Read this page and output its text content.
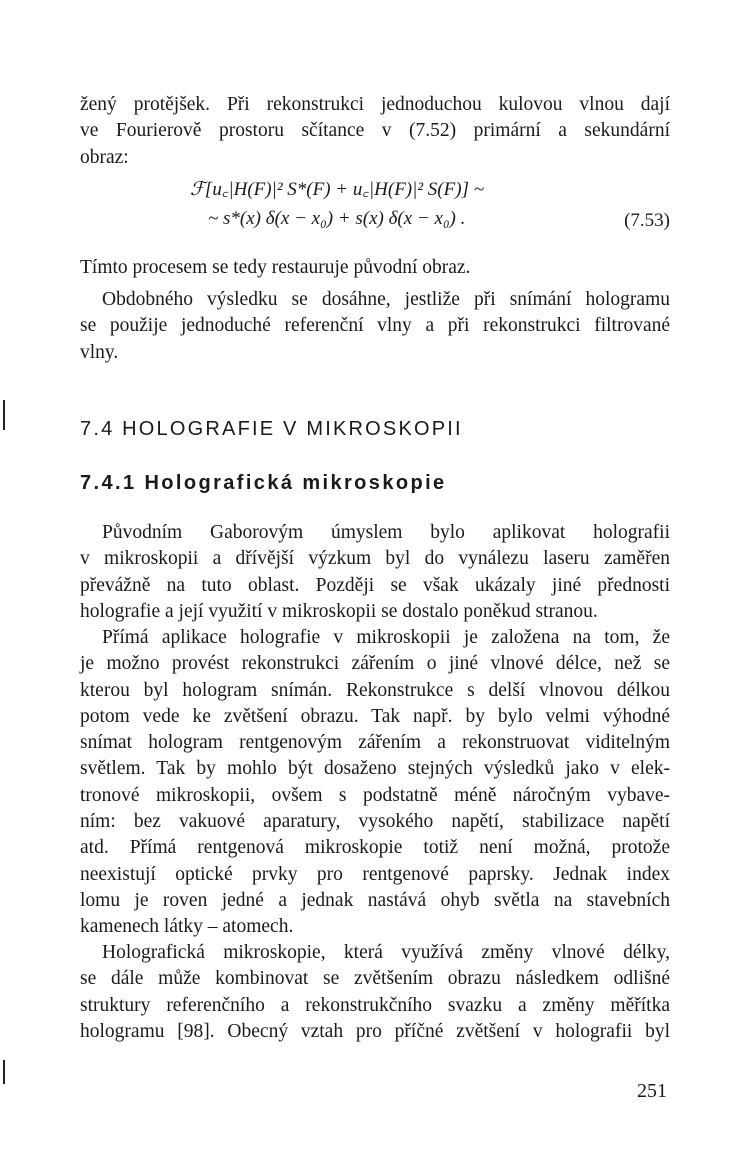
žený protějšek. Při rekonstrukci jednoduchou kulovou vlnou dají
ve Fourierově prostoru sčítance v (7.52) primární a sekundární
obraz:

ℱ[u꜀|H(F)|² S*(F) + u꜀|H(F)|² S(F)] ~
~ s*(x) δ(x − x₀) + s(x) δ(x − x₀) .	(7.53)

Tímto procesem se tedy restauruje původní obraz.

Obdobného výsledku se dosáhne, jestliže při snímání hologramu
se použije jednoduché referenční vlny a při rekonstrukci filtrované
vlny.

7.4 HOLOGRAFIE V MIKROSKOPII
7.4.1 Holografická mikroskopie

Původním Gaborovým úmyslem bylo aplikovat holografii
v mikroskopii a dřívější výzkum byl do vynálezu laseru zaměřen
převážně na tuto oblast. Později se však ukázaly jiné přednosti
holografie a její využití v mikroskopii se dostalo poněkud stranou.

Přímá aplikace holografie v mikroskopii je založena na tom, že
je možno provést rekonstrukci zářením o jiné vlnové délce, než se
kterou byl hologram snímán. Rekonstrukce s delší vlnovou délkou
potom vede ke zvětšení obrazu. Tak např. by bylo velmi výhodné
snímat hologram rentgenovým zářením a rekonstruovat viditelným
světlem. Tak by mohlo být dosaženo stejných výsledků jako v elek-
tronové mikroskopii, ovšem s podstatně méně náročným vybave-
ním: bez vakuové aparatury, vysokého napětí, stabilizace napětí
atd. Přímá rentgenová mikroskopie totiž není možná, protože
neexistují optické prvky pro rentgenové paprsky. Jednak index
lomu je roven jedné a jednak nastává ohyb světla na stavebních
kamenech látky – atomech.

Holografická mikroskopie, která využívá změny vlnové délky,
se dále může kombinovat se zvětšením obrazu následkem odlišné
struktury referenčního a rekonstrukčního svazku a změny měřítka
hologramu [98]. Obecný vztah pro příčné zvětšení v holografii byl

251
